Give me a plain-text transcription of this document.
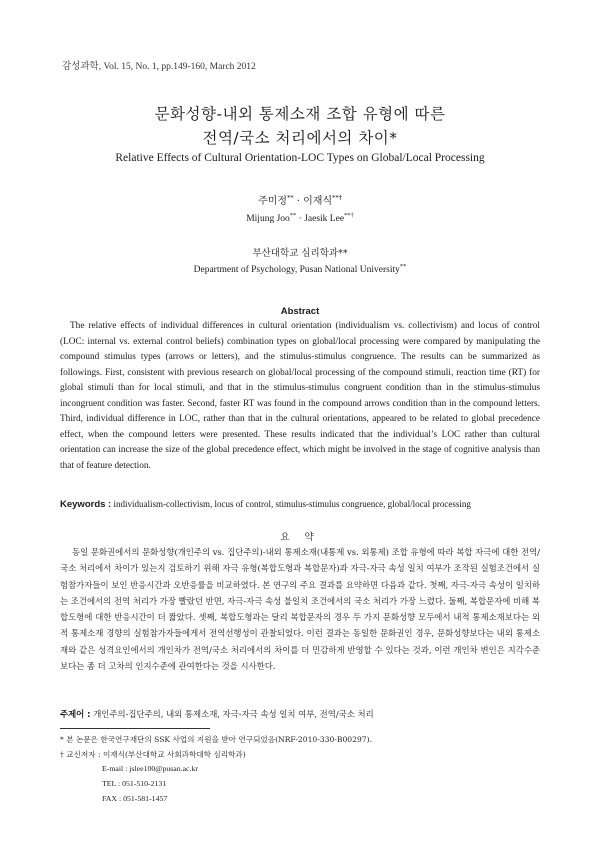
감성과학, Vol. 15, No. 1, pp.149-160, March 2012
문화성향-내외 통제소재 조합 유형에 따른
전역/국소 처리에서의 차이*
Relative Effects of Cultural Orientation-LOC Types on Global/Local Processing
주미정** · 이재식**†
Mijung Joo** · Jaesik Lee**†
부산대학교 심리학과**
Department of Psychology, Pusan National University**
Abstract

The relative effects of individual differences in cultural orientation (individualism vs. collectivism) and locus of control (LOC: internal vs. external control beliefs) combination types on global/local processing were compared by manipulating the compound stimulus types (arrows or letters), and the stimulus-stimulus congruence. The results can be summarized as followings. First, consistent with previous research on global/local processing of the compound stimuli, reaction time (RT) for global stimuli than for local stimuli, and that in the stimulus-stimulus congruent condition than in the stimulus-stimulus incongruent condition was faster. Second, faster RT was found in the compound arrows condition than in the compound letters. Third, individual difference in LOC, rather than that in the cultural orientations, appeared to be related to global precedence effect, when the compound letters were presented. These results indicated that the individual’s LOC rather than cultural orientation can increase the size of the global precedence effect, which might be involved in the stage of cognitive analysis than that of feature detection.

Keywords : individualism-collectivism, locus of control, stimulus-stimulus congruence, global/local processing
요 약

동일 문화권에서의 문화성향(개인주의 vs. 집단주의)-내외 통제소재(내통제 vs. 외통제) 조합 유형에 따라 복합 자극에 대한 전역/국소 처리에서 차이가 있는지 검토하기 위해 자극 유형(복합도형과 복합문자)과 자극-자극 속성 일치 여부가 조작된 실험조건에서 실험참가자들이 보인 반응시간과 오반응률을 비교하였다. 본 연구의 주요 결과를 요약하면 다음과 같다. 첫째, 자극-자극 속성이 일치하는 조건에서의 전역 처리가 가장 빨랐던 반면, 자극-자극 속성 불일치 조건에서의 국소 처리가 가장 느렸다. 둘째, 복합문자에 비해 복합도형에 대한 반응시간이 더 짧았다. 셋째, 복합도형과는 달리 복합문자의 경우 두 가지 문화성향 모두에서 내적 통제소재보다는 외적 통제소재 경향의 실험참가자들에게서 전역선행성이 관찰되었다. 이런 결과는 동일한 문화권인 경우, 문화성향보다는 내외 통제소재와 같은 성격요인에서의 개인차가 전역/국소 처리에서의 차이를 더 민감하게 반영할 수 있다는 것과, 이런 개인차 변인은 지각수준보다는 좀 더 고차의 인지수준에 관여한다는 것을 시사한다.

주제어 : 개인주의-집단주의, 내외 통제소재, 자극-자극 속성 일치 여부, 전역/국소 처리
* 본 논문은 한국연구재단의 SSK 사업의 지원을 받아 연구되었음(NRF-2010-330-B00297).
† 교신저자 : 이재식(부산대학교 사회과학대학 심리학과)
E-mail : jslee100@pusan.ac.kr
TEL : 051-510-2131
FAX : 051-581-1457
